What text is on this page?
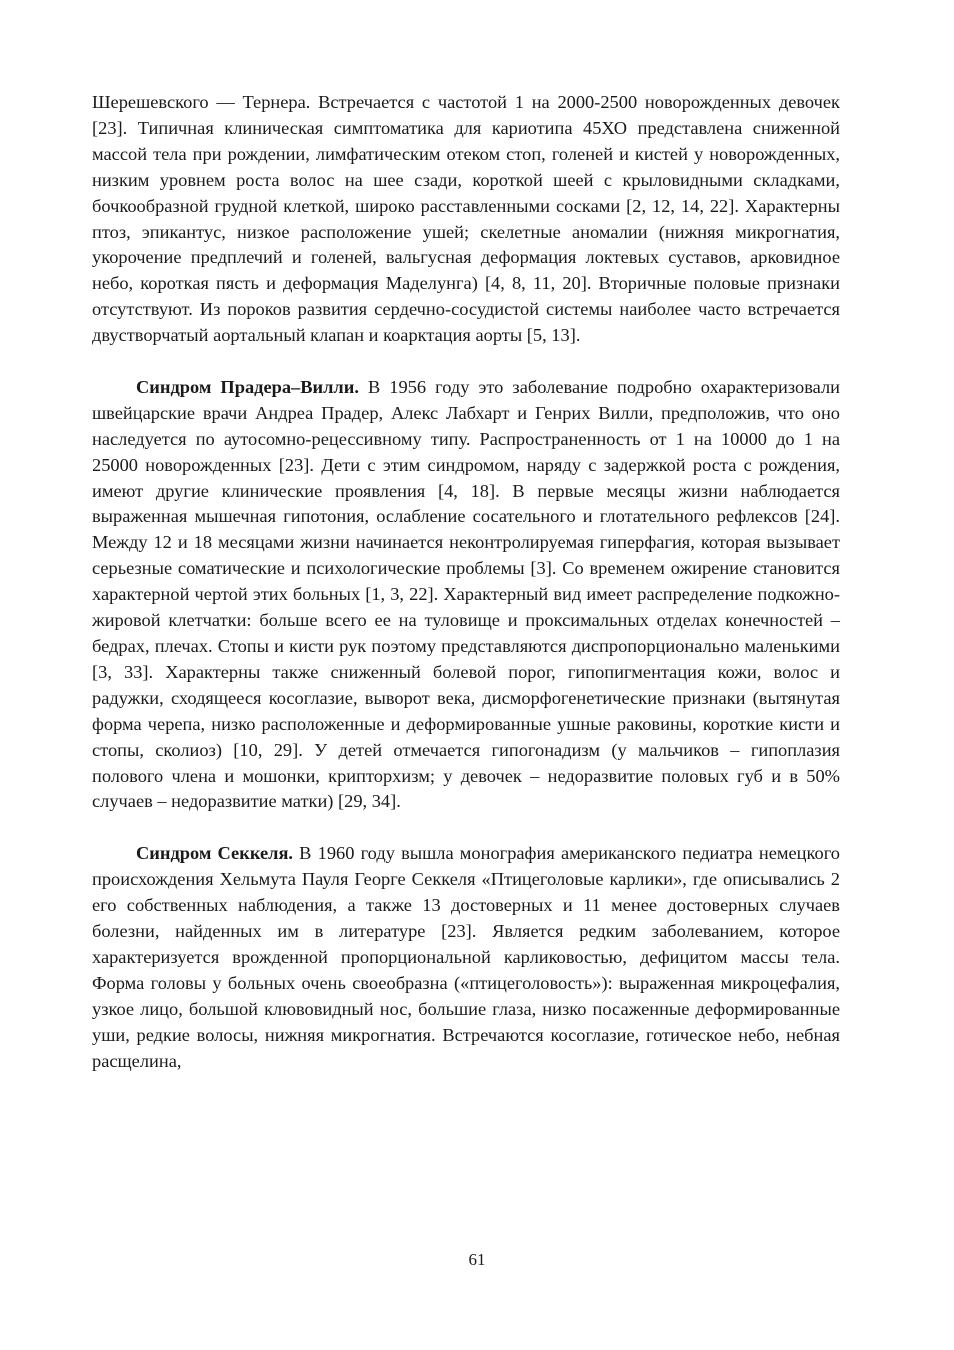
Шерешевского — Тернера. Встречается с частотой 1 на 2000-2500 новорожденных девочек [23]. Типичная клиническая симптоматика для кариотипа 45ХО представлена сниженной массой тела при рождении, лимфатическим отеком стоп, голеней и кистей у новорожденных, низким уровнем роста волос на шее сзади, короткой шеей с крыловидными складками, бочкообразной грудной клеткой, широко расставленными сосками [2, 12, 14, 22]. Характерны птоз, эпикантус, низкое расположение ушей; скелетные аномалии (нижняя микрогнатия, укорочение предплечий и голеней, вальгусная деформация локтевых суставов, арковидное небо, короткая пясть и деформация Маделунга) [4, 8, 11, 20]. Вторичные половые признаки отсутствуют. Из пороков развития сердечно-сосудистой системы наиболее часто встречается двустворчатый аортальный клапан и коарктация аорты [5, 13].

Синдром Прадера–Вилли. В 1956 году это заболевание подробно охарактеризовали швейцарские врачи Андреа Прадер, Алекс Лабхарт и Генрих Вилли, предположив, что оно наследуется по аутосомно-рецессивному типу. Распространенность от 1 на 10000 до 1 на 25000 новорожденных [23]. Дети с этим синдромом, наряду с задержкой роста с рождения, имеют другие клинические проявления [4, 18]. В первые месяцы жизни наблюдается выраженная мышечная гипотония, ослабление сосательного и глотательного рефлексов [24]. Между 12 и 18 месяцами жизни начинается неконтролируемая гиперфагия, которая вызывает серьезные соматические и психологические проблемы [3]. Со временем ожирение становится характерной чертой этих больных [1, 3, 22]. Характерный вид имеет распределение подкожно-жировой клетчатки: больше всего ее на туловище и проксимальных отделах конечностей – бедрах, плечах. Стопы и кисти рук поэтому представляются диспропорционально маленькими [3, 33]. Характерны также сниженный болевой порог, гипопигментация кожи, волос и радужки, сходящееся косоглазие, выворот века, дисморфогенетические признаки (вытянутая форма черепа, низко расположенные и деформированные ушные раковины, короткие кисти и стопы, сколиоз) [10, 29]. У детей отмечается гипогонадизм (у мальчиков – гипоплазия полового члена и мошонки, крипторхизм; у девочек – недоразвитие половых губ и в 50% случаев – недоразвитие матки) [29, 34].

Синдром Секкеля. В 1960 году вышла монография американского педиатра немецкого происхождения Хельмута Пауля Георге Секкеля «Птицеголовые карлики», где описывались 2 его собственных наблюдения, а также 13 достоверных и 11 менее достоверных случаев болезни, найденных им в литературе [23]. Является редким заболеванием, которое характеризуется врожденной пропорциональной карликовостью, дефицитом массы тела. Форма головы у больных очень своеобразна («птицеголовость»): выраженная микроцефалия, узкое лицо, большой клювовидный нос, большие глаза, низко посаженные деформированные уши, редкие волосы, нижняя микрогнатия. Встречаются косоглазие, готическое небо, небная расщелина,

61
